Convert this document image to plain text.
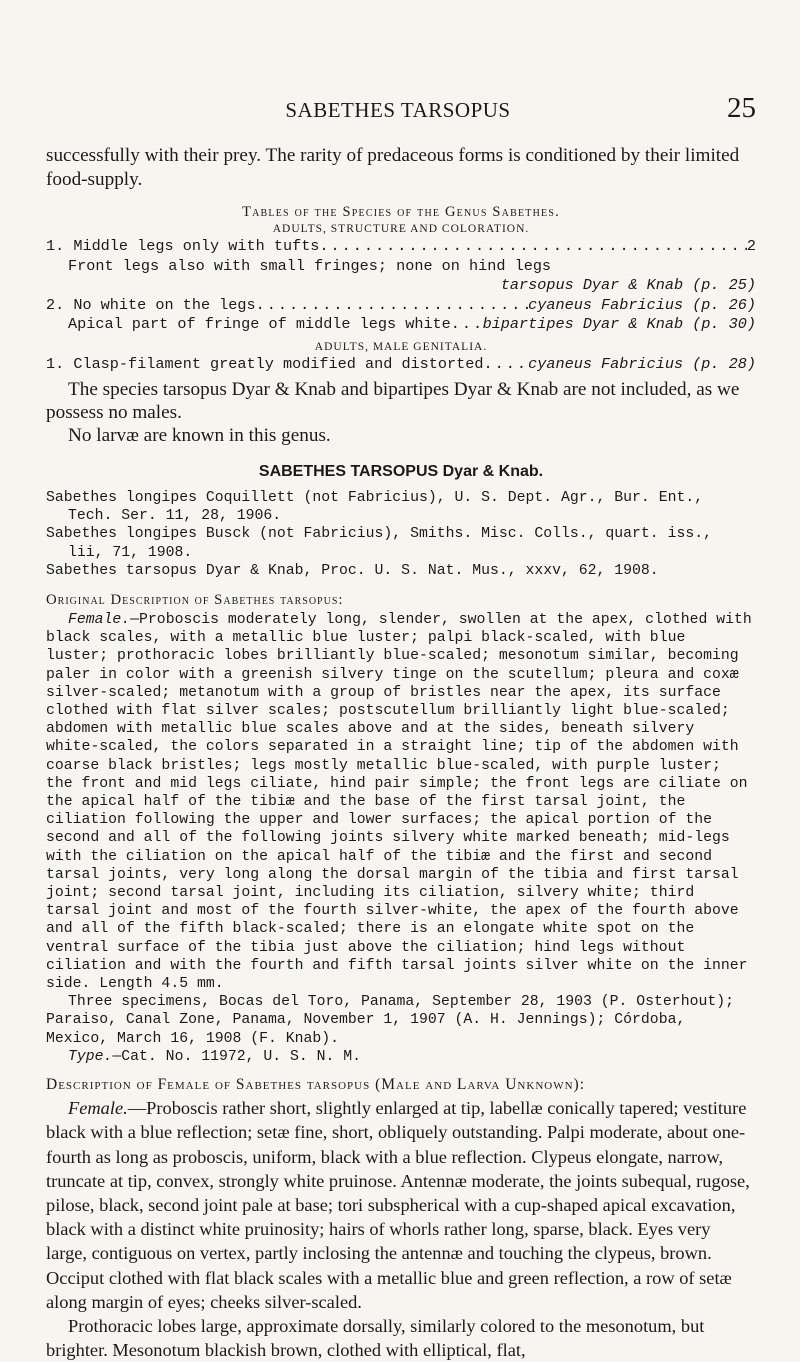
SABETHES TARSOPUS	25

successfully with their prey. The rarity of predaceous forms is conditioned by their limited food-supply.

Tables of the Species of the Genus Sabethes.
ADULTS, STRUCTURE AND COLORATION.
1. Middle legs only with tufts .....	2
Front legs also with small fringes; none on hind legs
tarsopus Dyar & Knab (p. 25)
2. No white on the legs .....	cyaneus Fabricius (p. 26)
Apical part of fringe of middle legs white ..... bipartipes Dyar & Knab (p. 30)
ADULTS, MALE GENITALIA.
1. Clasp-filament greatly modified and distorted .....	cyaneus Fabricius (p. 28)

The species tarsopus Dyar & Knab and bipartipes Dyar & Knab are not included, as we possess no males.

No larvæ are known in this genus.

SABETHES TARSOPUS Dyar & Knab.

Sabethes longipes Coquillett (not Fabricius), U. S. Dept. Agr., Bur. Ent., Tech. Ser. 11, 28, 1906.

Sabethes longipes Busck (not Fabricius), Smiths. Misc. Colls., quart. iss., lii, 71, 1908.

Sabethes tarsopus Dyar & Knab, Proc. U. S. Nat. Mus., xxxv, 62, 1908.

Original Description of Sabethes tarsopus:

Female.—Proboscis moderately long, slender, swollen at the apex, clothed with black scales, with a metallic blue luster; palpi black-scaled, with blue luster; prothoracic lobes brilliantly blue-scaled; mesonotum similar, becoming paler in color with a greenish silvery tinge on the scutellum; pleura and coxæ silver-scaled; metanotum with a group of bristles near the apex, its surface clothed with flat silver scales; postscutellum brilliantly light blue-scaled; abdomen with metallic blue scales above and at the sides, beneath silvery white-scaled, the colors separated in a straight line; tip of the abdomen with coarse black bristles; legs mostly metallic blue-scaled, with purple luster; the front and mid legs ciliate, hind pair simple; the front legs are ciliate on the apical half of the tibiæ and the base of the first tarsal joint, the ciliation following the upper and lower surfaces; the apical portion of the second and all of the following joints silvery white marked beneath; mid-legs with the ciliation on the apical half of the tibiæ and the first and second tarsal joints, very long along the dorsal margin of the tibia and first tarsal joint; second tarsal joint, including its ciliation, silvery white; third tarsal joint and most of the fourth silver-white, the apex of the fourth above and all of the fifth black-scaled; there is an elongate white spot on the ventral surface of the tibia just above the ciliation; hind legs without ciliation and with the fourth and fifth tarsal joints silver white on the inner side. Length 4.5 mm.

Three specimens, Bocas del Toro, Panama, September 28, 1903 (P. Osterhout); Paraiso, Canal Zone, Panama, November 1, 1907 (A. H. Jennings); Córdoba, Mexico, March 16, 1908 (F. Knab).

Type.—Cat. No. 11972, U. S. N. M.

Description of Female of Sabethes tarsopus (Male and Larva Unknown):

Female.—Proboscis rather short, slightly enlarged at tip, labellæ conically tapered; vestiture black with a blue reflection; setæ fine, short, obliquely outstanding. Palpi moderate, about one-fourth as long as proboscis, uniform, black with a blue reflection. Clypeus elongate, narrow, truncate at tip, convex, strongly white pruinose. Antennæ moderate, the joints subequal, rugose, pilose, black, second joint pale at base; tori subspherical with a cup-shaped apical excavation, black with a distinct white pruinosity; hairs of whorls rather long, sparse, black. Eyes very large, contiguous on vertex, partly inclosing the antennæ and touching the clypeus, brown. Occiput clothed with flat black scales with a metallic blue and green reflection, a row of setæ along margin of eyes; cheeks silver-scaled.

Prothoracic lobes large, approximate dorsally, similarly colored to the mesonotum, but brighter. Mesonotum blackish brown, clothed with elliptical, flat,
